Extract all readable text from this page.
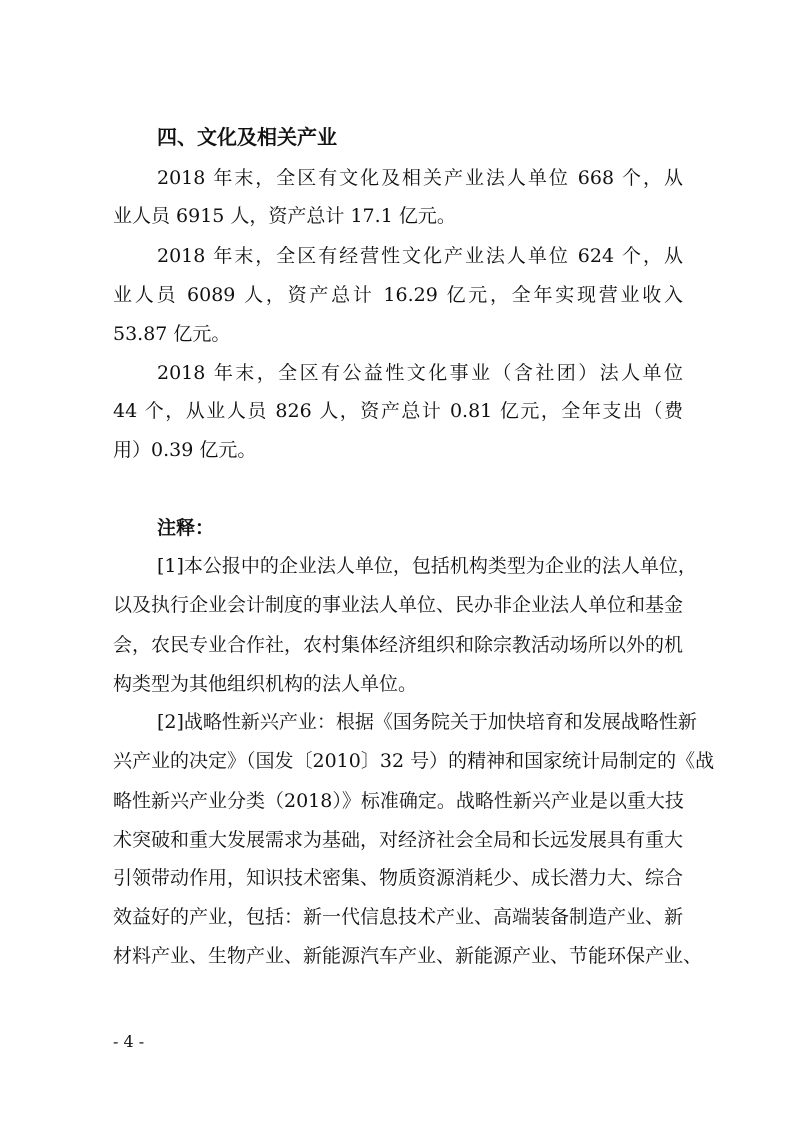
四、文化及相关产业
2018 年末，全区有文化及相关产业法人单位 668 个，从
业人员 6915 人，资产总计 17.1 亿元。
2018 年末，全区有经营性文化产业法人单位 624 个，从
业人员 6089 人，资产总计 16.29 亿元，全年实现营业收入
53.87 亿元。
2018 年末，全区有公益性文化事业（含社团）法人单位
44 个，从业人员 826 人，资产总计 0.81 亿元，全年支出（费
用）0.39 亿元。
注释：
[1]本公报中的企业法人单位，包括机构类型为企业的法人单位，
以及执行企业会计制度的事业法人单位、民办非企业法人单位和基金
会，农民专业合作社，农村集体经济组织和除宗教活动场所以外的机
构类型为其他组织机构的法人单位。
[2]战略性新兴产业：根据《国务院关于加快培育和发展战略性新
兴产业的决定》（国发〔2010〕32 号）的精神和国家统计局制定的《战
略性新兴产业分类（2018）》标准确定。战略性新兴产业是以重大技
术突破和重大发展需求为基础，对经济社会全局和长远发展具有重大
引领带动作用，知识技术密集、物质资源消耗少、成长潜力大、综合
效益好的产业，包括：新一代信息技术产业、高端装备制造产业、新
材料产业、生物产业、新能源汽车产业、新能源产业、节能环保产业、
- 4 -
